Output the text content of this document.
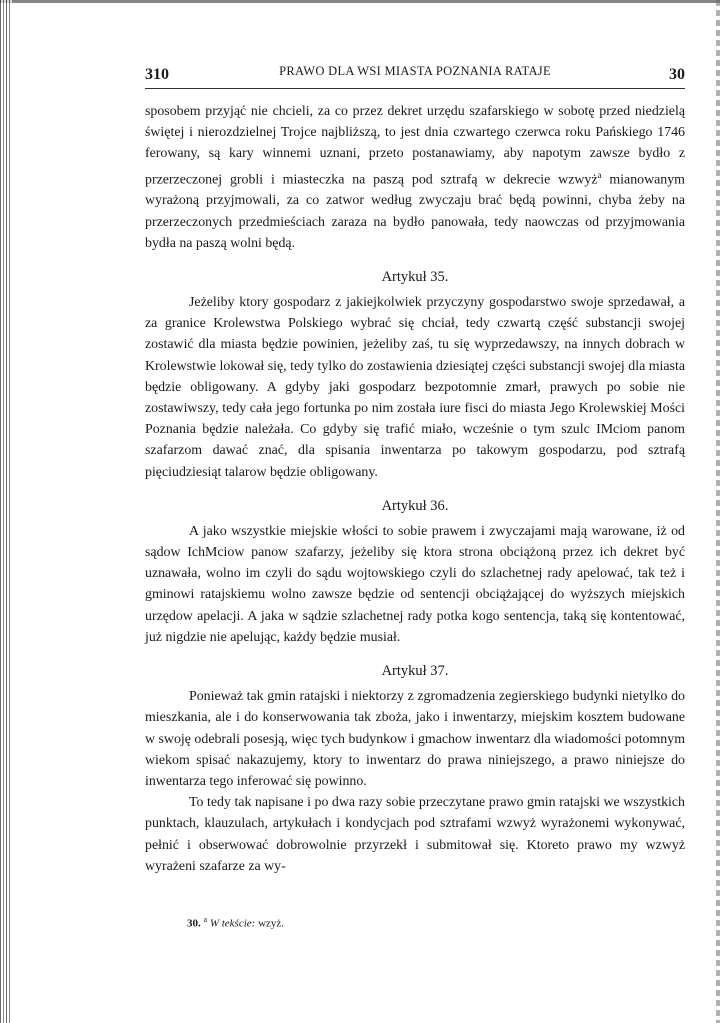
310	PRAWO DLA WSI MIASTA POZNANIA RATAJE	30

sposobem przyjąć nie chcieli, za co przez dekret urzędu szafarskiego w sobotę przed niedzielą świętej i nierozdzielnej Trojce najbliższą, to jest dnia czwartego czerwca roku Pańskiego 1746 ferowany, są kary winnemi uznani, przeto postanawiamy, aby napotym zawsze bydło z przerzeczonej grobli i miasteczka na paszą pod sztrafą w dekrecie wzwyż$^a$ mianowanym wyrażoną przyjmowali, za co zatwor według zwyczaju brać będą powinni, chyba żeby na przerzeczonych przedmieściach zaraza na bydło panowała, tedy naowczas od przyjmowania bydła na paszą wolni będą.

Artykuł 35.

Jeżeliby ktory gospodarz z jakiejkolwiek przyczyny gospodarstwo swoje sprzedawał, a za granice Krolewstwa Polskiego wybrać się chciał, tedy czwartą część substancji swojej zostawić dla miasta będzie powinien, jeżeliby zaś, tu się wyprzedawszy, na innych dobrach w Krolewstwie lokował się, tedy tylko do zostawienia dziesiątej części substancji swojej dla miasta będzie obligowany. A gdyby jaki gospodarz bezpotomnie zmarł, prawych po sobie nie zostawiwszy, tedy cała jego fortunka po nim została iure fisci do miasta Jego Krolewskiej Mości Poznania będzie należała. Co gdyby się trafić miało, wcześnie o tym szulc IMciom panom szafarzom dawać znać, dla spisania inwentarza po takowym gospodarzu, pod sztrafą pięciudziesiąt talarow będzie obligowany.

Artykuł 36.

A jako wszystkie miejskie włości to sobie prawem i zwyczajami mają warowane, iż od sądow IchMciow panow szafarzy, jeżeliby się ktora strona obciążoną przez ich dekret być uznawała, wolno im czyli do sądu wojtowskiego czyli do szlachetnej rady apelować, tak też i gminowi ratajskiemu wolno zawsze będzie od sentencji obciążającej do wyższych miejskich urzędow apelacji. A jaka w sądzie szlachetnej rady potka kogo sentencja, taką się kontentować, już nigdzie nie apelując, każdy będzie musiał.

Artykuł 37.

Ponieważ tak gmin ratajski i niektorzy z zgromadzenia zegierskiego budynki nietylko do mieszkania, ale i do konserwowania tak zboża, jako i inwentarzy, miejskim kosztem budowane w swoję odebrali posesją, więc tych budynkow i gmachow inwentarz dla wiadomości potomnym wiekom spisać nakazujemy, ktory to inwentarz do prawa niniejszego, a prawo niniejsze do inwentarza tego inferować się powinno.

To tedy tak napisane i po dwa razy sobie przeczytane prawo gmin ratajski we wszystkich punktach, klauzulach, artykułach i kondycjach pod sztrafami wzwyż wyrażonemi wykonywać, pełnić i obserwować dobrowolnie przyrzekł i submitował się. Ktoreto prawo my wzwyż wyrażeni szafarze za wy-

30. $^a$ W tekście: wzyż.
